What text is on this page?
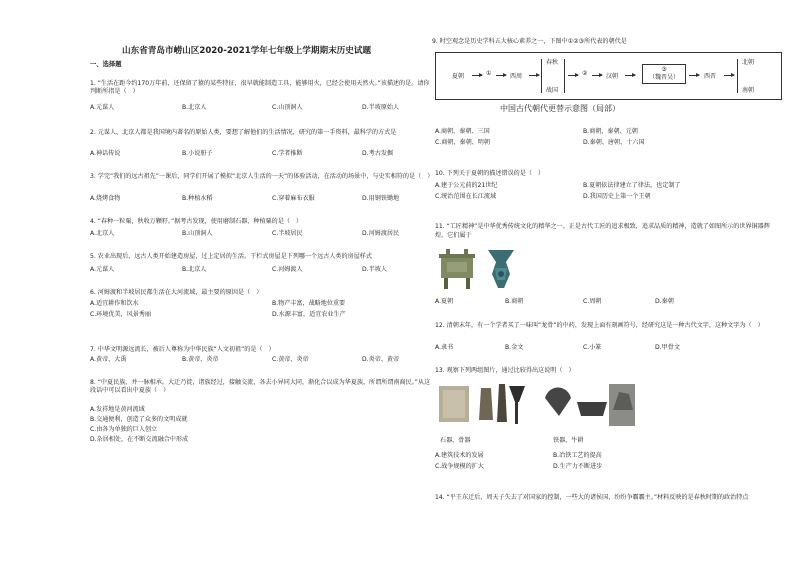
山东省青岛市崂山区2020-2021学年七年级上学期期末历史试题
一、选择题
1. “生活在距今约170万年前，还保留了猿的某些特征，很早就能制造工具，能够用火，已经会使用天然火。”该描述的是。请你判断所指是（　）
A.元谋人	B.北京人	C.山顶洞人	D.半坡原始人
2. 元谋人、北京人都是我国境内著名的原始人类，要想了解他们的生活情况，研究的第一手资料，最科学的方式是
A.神话传说	B.小说册子	C.学者推断	D.考古发掘
3. 学完“我们的远古祖先”一课后，同学们开展了模拟“北京人生活的一天”的体验活动，在活动的场景中，与史实相符的是（　）
A.烧烤食物	B.种植水稻	C.穿着麻布衣服	D.用钢铁锄地
4. “春种一粒粟，秋收万颗籽。”据考古发现，使用磨制石器、种植粟的是（　）
A.北京人	B.山顶洞人	C.半坡居民	D.河姆渡居民
5. 农业出现后，远古人类开始建造房屋，过上定居的生活。干栏式房屋是下列哪一个远古人类的房屋样式
A.元谋人	B.北京人	C.河姆渡人	D.半坡人
6. 河姆渡和半坡居民都生活在大河流域，最主要的原因是（　）
A.适宜耕作和饮水	B.物产丰富，战略地位重要
C.环境优美，风景秀丽	D.水源丰富，适宜农业生产
7. 中华文明源远流长，被后人尊称为中华民族“人文初祖”的是（　）
A.黄帝、大禹	B.黄帝、炎帝	C.黄帝、炎帝	D.炎帝、黄帝
8. “中夏民族，并一脉相承。大迁乃徙，诸族经过，接触交流，各去小异同大同，渐化合以成为华夏族，所谓所谓南裔民。”从这段话中可以看出中夏族（　）
A.发祥地是黄河流域
B.交通便利，创造了众多的文明成就
C.由各为单独的巨人创立
D.杂居相处，在不断交流融合中形成
9. 时空观念是历史学科五大核心素养之一，下图中①②③所代表的朝代是
夏朝	①	西周
春秋
战国
②	汉朝
③
（魏晋吴）	西晋
北朝
南朝
中国古代朝代更替示意图（局部）
A.商朝、秦朝、三国	B.商朝、秦朝、元朝
C.商朝、秦朝、明朝	D.秦朝、唐朝、十六国
10. 下列关于夏朝的描述错误的是（　）
A.建于公元前的21世纪	B.夏朝依法律建立了律法，也定制了
C.统治范围在长江流域	D.我国历史上第一个王朝
11. “工匠精神”是中华优秀传统文化的精华之一。正是古代工匠的追求极致，追求品质的精神，造就了如图所示的世界铜器辉煌。它们属于
A.夏朝	B.商朝	C.周朝	D.秦朝
12. 清朝末年，有一个学者买了一味叫“龙骨”的中药，发现上面有刻画符号，经研究这是一种古代文字，这种文字为（　）
A.隶书	B.金文	C.小篆	D.甲骨文
13. 观察下列两组图片，通过比较得出这说明（　）
石器、骨器	铁器、牛耕
A.建筑技术的发展	B.冶铁工艺的提高
C.战争规模的扩大	D.生产力不断进步
14. “平王东迁后，周天子失去了对国家的控制，一些大的诸侯国，纷纷争霸霸主。”材料反映的是春秋时期的政治特点
